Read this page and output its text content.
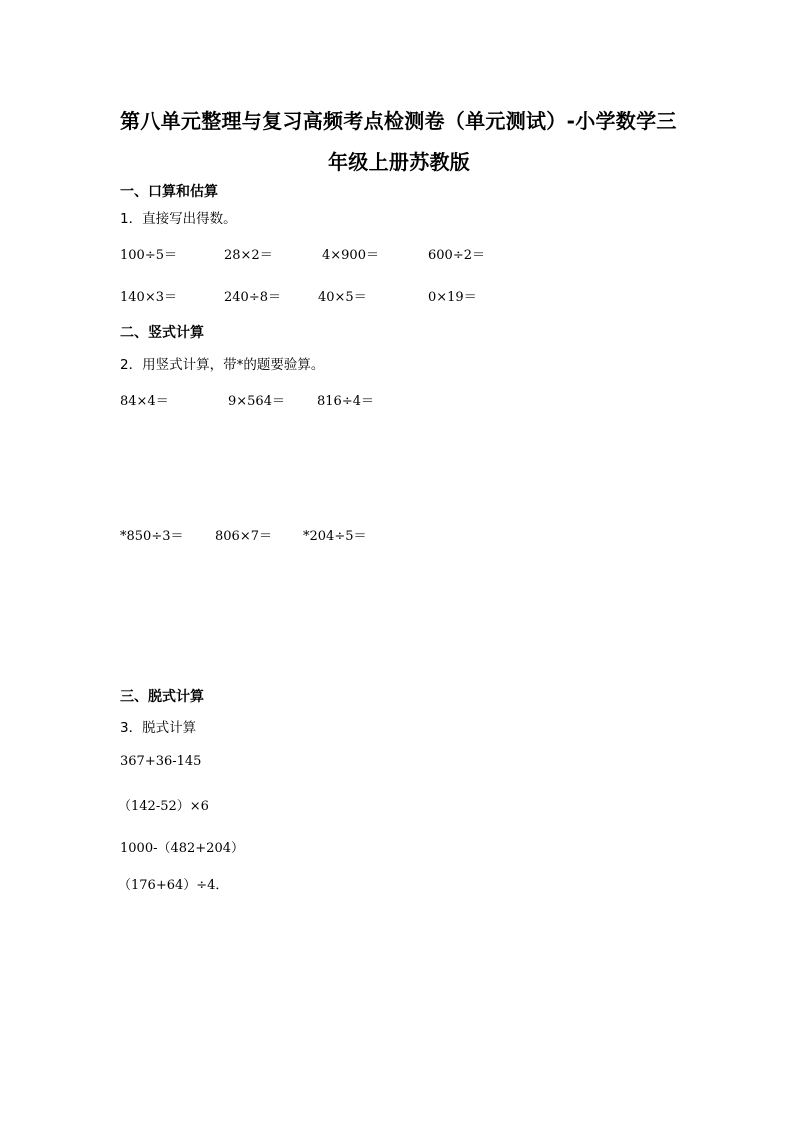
第八单元整理与复习高频考点检测卷（单元测试）-小学数学三
年级上册苏教版
一、口算和估算
1．直接写出得数。
100÷5＝	28×2＝	4×900＝	600÷2＝
140×3＝	240÷8＝	40×5＝	0×19＝
二、竖式计算
2．用竖式计算，带*的题要验算。
84×4＝	9×564＝ 816÷4＝
*850÷3＝ 806×7＝ *204÷5＝
三、脱式计算
3．脱式计算
367+36-145
（142-52）×6
1000-（482+204）
（176+64）÷4．
